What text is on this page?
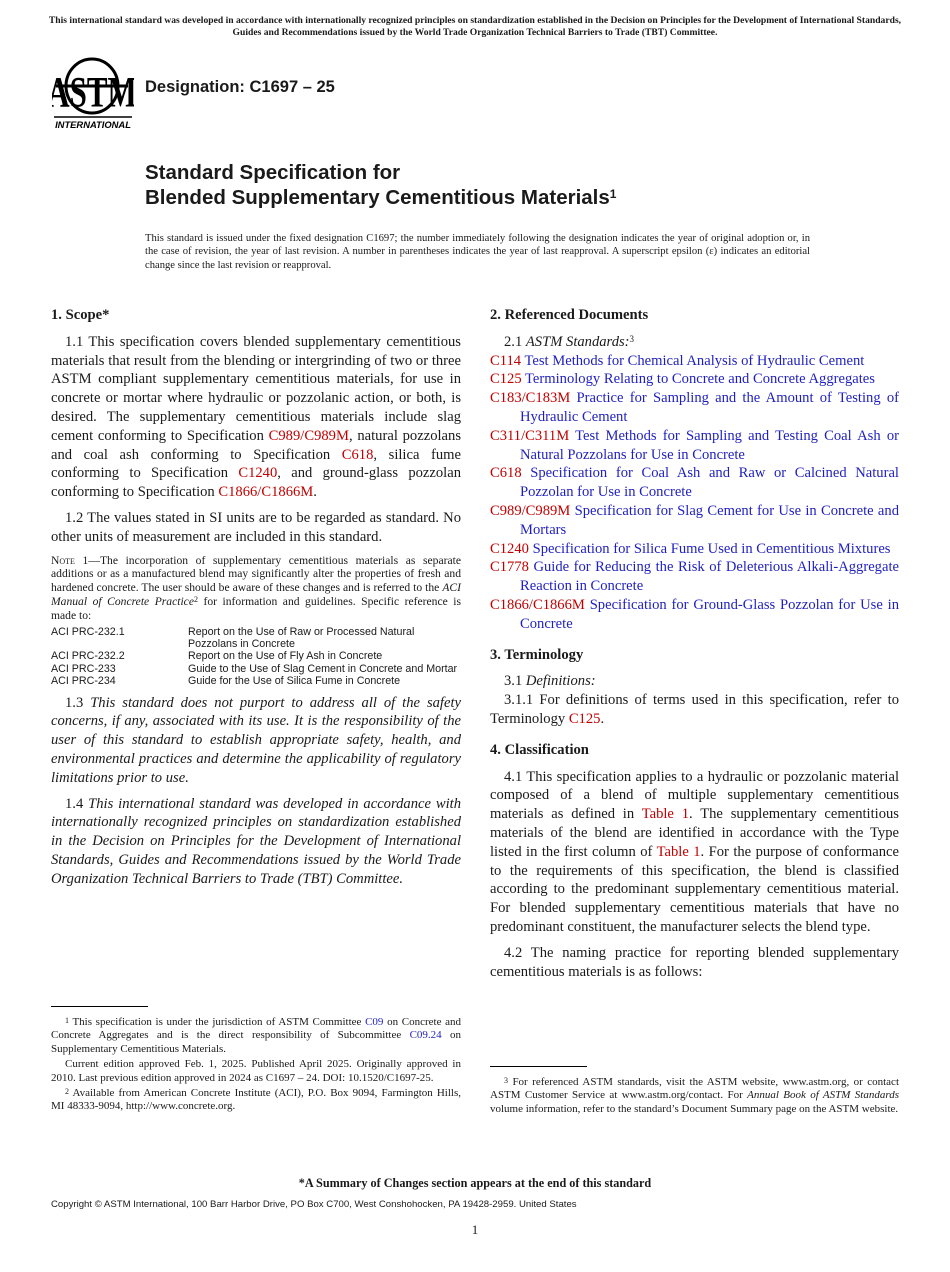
This international standard was developed in accordance with internationally recognized principles on standardization established in the Decision on Principles for the Development of International Standards, Guides and Recommendations issued by the World Trade Organization Technical Barriers to Trade (TBT) Committee.
ASTM
INTERNATIONAL
Designation: C1697 – 25
Standard Specification for
Blended Supplementary Cementitious Materials$^1$
This standard is issued under the fixed designation C1697; the number immediately following the designation indicates the year of original adoption or, in the case of revision, the year of last revision. A number in parentheses indicates the year of last reapproval. A superscript epsilon (ε) indicates an editorial change since the last revision or reapproval.
1. Scope*

1.1 This specification covers blended supplementary cementitious materials that result from the blending or intergrinding of two or three ASTM compliant supplementary cementitious materials, for use in concrete or mortar where hydraulic or pozzolanic action, or both, is desired. The supplementary cementitious materials include slag cement conforming to Specification C989/C989M, natural pozzolans and coal ash conforming to Specification C618, silica fume conforming to Specification C1240, and ground-glass pozzolan conforming to Specification C1866/C1866M.

1.2 The values stated in SI units are to be regarded as standard. No other units of measurement are included in this standard.

Note 1—The incorporation of supplementary cementitious materials as separate additions or as a manufactured blend may significantly alter the properties of fresh and hardened concrete. The user should be aware of these changes and is referred to the ACI Manual of Concrete Practice$^2$ for information and guidelines. Specific reference is made to:

ACI PRC-232.1	Report on the Use of Raw or Processed Natural Pozzolans in Concrete
ACI PRC-232.2	Report on the Use of Fly Ash in Concrete
ACI PRC-233	Guide to the Use of Slag Cement in Concrete and Mortar
ACI PRC-234	Guide for the Use of Silica Fume in Concrete

1.3 This standard does not purport to address all of the safety concerns, if any, associated with its use. It is the responsibility of the user of this standard to establish appropriate safety, health, and environmental practices and determine the applicability of regulatory limitations prior to use.

1.4 This international standard was developed in accordance with internationally recognized principles on standardization established in the Decision on Principles for the Development of International Standards, Guides and Recommendations issued by the World Trade Organization Technical Barriers to Trade (TBT) Committee.

$^1$ This specification is under the jurisdiction of ASTM Committee C09 on Concrete and Concrete Aggregates and is the direct responsibility of Subcommittee C09.24 on Supplementary Cementitious Materials.

Current edition approved Feb. 1, 2025. Published April 2025. Originally approved in 2010. Last previous edition approved in 2024 as C1697 – 24. DOI: 10.1520/C1697-25.

$^2$ Available from American Concrete Institute (ACI), P.O. Box 9094, Farmington Hills, MI 48333-9094, http://www.concrete.org.

2. Referenced Documents

2.1 ASTM Standards:$^3$

C114 Test Methods for Chemical Analysis of Hydraulic Cement

C125 Terminology Relating to Concrete and Concrete Aggregates

C183/C183M Practice for Sampling and the Amount of Testing of Hydraulic Cement

C311/C311M Test Methods for Sampling and Testing Coal Ash or Natural Pozzolans for Use in Concrete

C618 Specification for Coal Ash and Raw or Calcined Natural Pozzolan for Use in Concrete

C989/C989M Specification for Slag Cement for Use in Concrete and Mortars

C1240 Specification for Silica Fume Used in Cementitious Mixtures

C1778 Guide for Reducing the Risk of Deleterious Alkali-Aggregate Reaction in Concrete

C1866/C1866M Specification for Ground-Glass Pozzolan for Use in Concrete

3. Terminology

3.1 Definitions:

3.1.1 For definitions of terms used in this specification, refer to Terminology C125.

4. Classification

4.1 This specification applies to a hydraulic or pozzolanic material composed of a blend of multiple supplementary cementitious materials as defined in Table 1. The supplementary cementitious materials of the blend are identified in accordance with the Type listed in the first column of Table 1. For the purpose of conformance to the requirements of this specification, the blend is classified according to the predominant supplementary cementitious material. For blended supplementary cementitious materials that have no predominant constituent, the manufacturer selects the blend type.

4.2 The naming practice for reporting blended supplementary cementitious materials is as follows:

$^3$ For referenced ASTM standards, visit the ASTM website, www.astm.org, or contact ASTM Customer Service at www.astm.org/contact. For Annual Book of ASTM Standards volume information, refer to the standard’s Document Summary page on the ASTM website.

*A Summary of Changes section appears at the end of this standard
Copyright © ASTM International, 100 Barr Harbor Drive, PO Box C700, West Conshohocken, PA 19428-2959. United States
1
